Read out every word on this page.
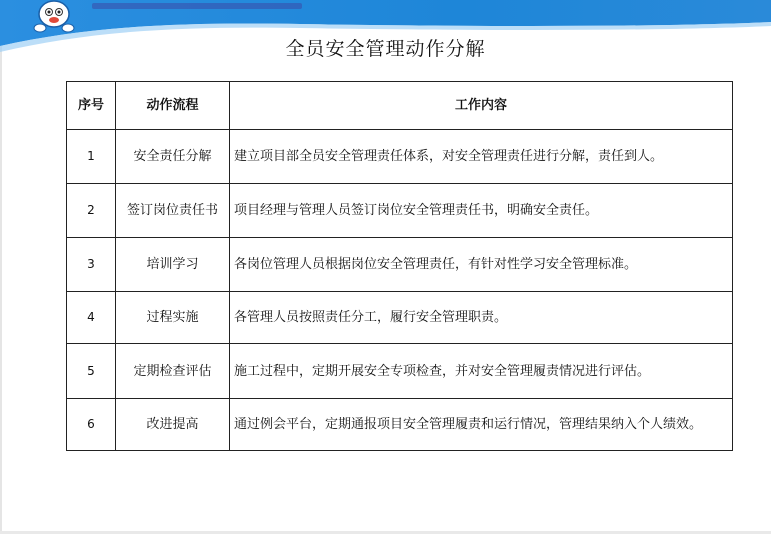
全员安全管理动作分解
序号	动作流程	工作内容
1	安全责任分解	建立项目部全员安全管理责任体系，对安全管理责任进行分解，责任到人。
2	签订岗位责任书	项目经理与管理人员签订岗位安全管理责任书，明确安全责任。
3	培训学习	各岗位管理人员根据岗位安全管理责任，有针对性学习安全管理标准。
4	过程实施	各管理人员按照责任分工，履行安全管理职责。
5	定期检查评估	施工过程中，定期开展安全专项检查，并对安全管理履责情况进行评估。
6	改进提高	通过例会平台，定期通报项目安全管理履责和运行情况，管理结果纳入个人绩效。
